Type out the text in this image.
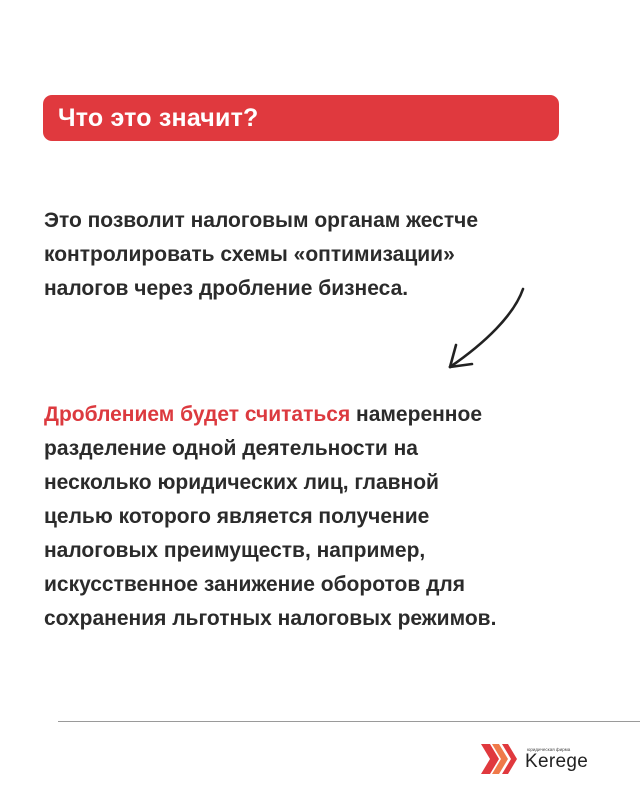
Что это значит?
Это позволит налоговым органам жестче
контролировать схемы «оптимизации»
налогов через дробление бизнеса.
Дроблением будет считаться намеренное
разделение одной деятельности на
несколько юридических лиц, главной
целью которого является получение
налоговых преимуществ, например,
искусственное занижение оборотов для
сохранения льготных налоговых режимов.
юридическая фирма
Kerege
